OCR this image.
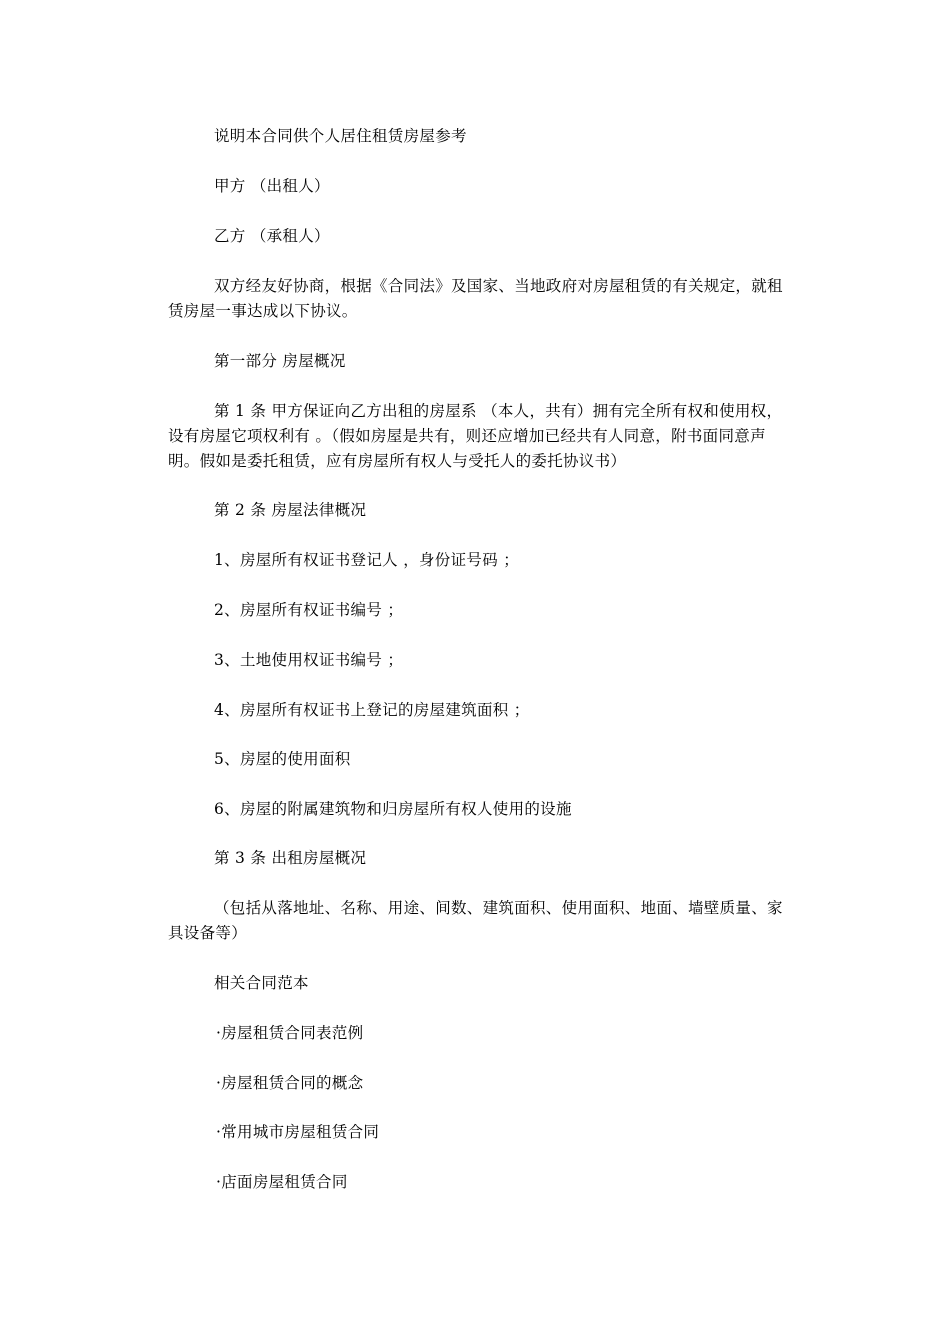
说明本合同供个人居住租赁房屋参考

甲方 （出租人）

乙方 （承租人）

双方经友好协商，根据《合同法》及国家、当地政府对房屋租赁的有关规定，就租赁房屋一事达成以下协议。

第一部分 房屋概况

第 1 条 甲方保证向乙方出租的房屋系 （本人，共有）拥有完全所有权和使用权，设有房屋它项权利有 。（假如房屋是共有，则还应增加已经共有人同意，附书面同意声明。假如是委托租赁，应有房屋所有权人与受托人的委托协议书）

第 2 条 房屋法律概况

1、房屋所有权证书登记人 ，身份证号码 ；

2、房屋所有权证书编号 ；

3、土地使用权证书编号 ；

4、房屋所有权证书上登记的房屋建筑面积 ；

5、房屋的使用面积

6、房屋的附属建筑物和归房屋所有权人使用的设施

第 3 条 出租房屋概况

（包括从落地址、名称、用途、间数、建筑面积、使用面积、地面、墙壁质量、家具设备等）

相关合同范本

·房屋租赁合同表范例

·房屋租赁合同的概念

·常用城市房屋租赁合同

·店面房屋租赁合同
